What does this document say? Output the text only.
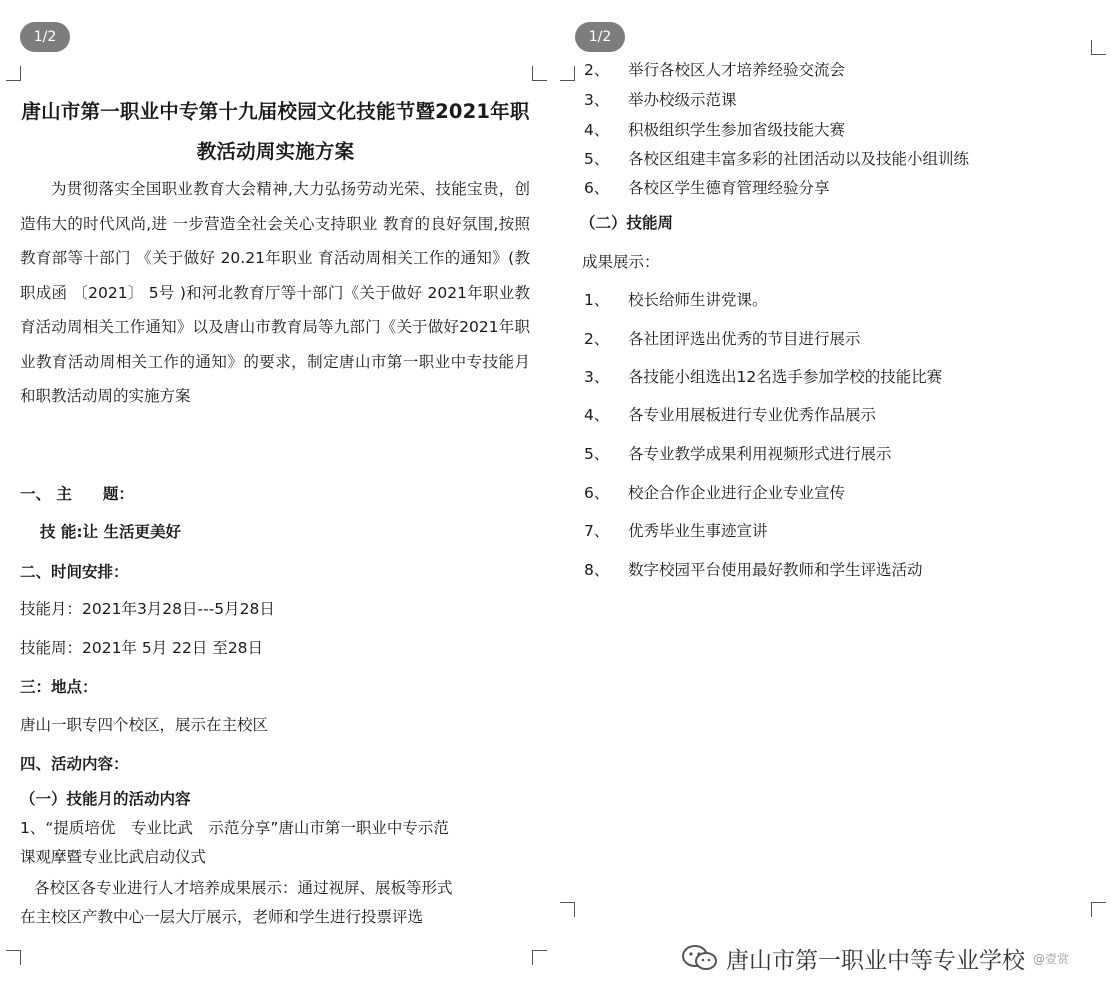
1/2
唐山市第一职业中专第十九届校园文化技能节暨2021年职教活动周实施方案
为贯彻落实全国职业教育大会精神,大力弘扬劳动光荣、技能宝贵，创造伟大的时代风尚,进 一步营造全社会关心支持职业 教育的良好氛围,按照教育部等十部门 《关于做好 20.21年职业 育活动周相关工作的通知》(教职成函 〔2021〕 5号 )和河北教育厅等十部门《关于做好 2021年职业教育活动周相关工作通知》以及唐山市教育局等九部门《关于做好2021年职业教育活动周相关工作的通知》的要求，制定唐山市第一职业中专技能月和职教活动周的实施方案
一、 主　　题：
技 能:让 生活更美好
二、时间安排：
技能月：2021年3月28日---5月28日
技能周：2021年 5月 22日 至28日
三：地点：
唐山一职专四个校区，展示在主校区
四、活动内容：
（一）技能月的活动内容
1、“提质培优　专业比武　示范分享”唐山市第一职业中专示范
课观摩暨专业比武启动仪式
各校区各专业进行人才培养成果展示：通过视屏、展板等形式
在主校区产教中心一层大厅展示，老师和学生进行投票评选
1/2
2、 举行各校区人才培养经验交流会
3、 举办校级示范课
4、 积极组织学生参加省级技能大赛
5、 各校区组建丰富多彩的社团活动以及技能小组训练
6、 各校区学生德育管理经验分享
（二）技能周
成果展示：
1、 校长给师生讲党课。
2、 各社团评选出优秀的节目进行展示
3、 各技能小组选出12名选手参加学校的技能比赛
4、 各专业用展板进行专业优秀作品展示
5、 各专业教学成果利用视频形式进行展示
6、 校企合作企业进行企业专业宣传
7、 优秀毕业生事迹宣讲
8、 数字校园平台使用最好教师和学生评选活动
唐山市第一职业中等专业学校 @壹赏
